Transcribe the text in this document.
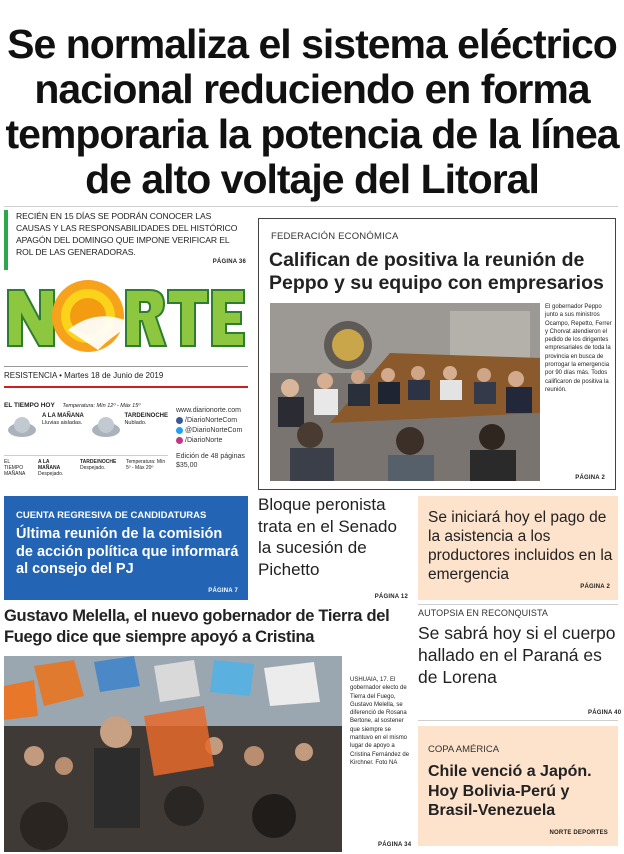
Se normaliza el sistema eléctrico nacional reduciendo en forma temporaria la potencia de la línea de alto voltaje del Litoral
RECIÉN EN 15 DÍAS SE PODRÁN CONOCER LAS CAUSAS Y LAS RESPONSABILIDADES DEL HISTÓRICO APAGÓN DEL DOMINGO QUE IMPONE VERIFICAR EL ROL DE LAS GENERADORAS.
PÁGINA 36
RESISTENCIA • Martes 18 de Junio de 2019
EL TIEMPO HOY Temperatura: Mín 12º - Máx 15º
A LA MAÑANA
Lluvias aisladas.
TARDE/NOCHE
Nublado.
EL TIEMPO MAÑANA
A LA MAÑANA
Despejado.
TARDE/NOCHE
Despejado.
Temperatura: Mín 5º - Máx 20º
www.diarionorte.com
/DiarioNorteCom
@DiarioNorteCom
/DiarioNorte
Edición de 48 páginas
$35,00
FEDERACIÓN ECONÓMICA
Califican de positiva la reunión de Peppo y su equipo con empresarios
El gobernador Peppo junto a sus ministros Ocampo, Repetto, Ferrer y Chorvat atendieron el pedido de los dirigentes empresariales de toda la provincia en busca de prorrogar la emergencia por 90 días más. Todos calificaron de positiva la reunión.
PÁGINA 2
CUENTA REGRESIVA DE CANDIDATURAS
Última reunión de la comisión de acción política que informará al consejo del PJ
PÁGINA 7
Bloque peronista trata en el Senado la sucesión de Pichetto
PÁGINA 12
Se iniciará hoy el pago de la asistencia a los productores incluidos en la emergencia
PÁGINA 2
Gustavo Melella, el nuevo gobernador de Tierra del Fuego dice que siempre apoyó a Cristina
USHUAIA, 17. El gobernador electo de Tierra del Fuego, Gustavo Melella, se diferenció de Rosana Bertone, al sostener que siempre se mantuvo en el mismo lugar de apoyo a Cristina Fernández de Kirchner. Foto NA
PÁGINA 34
AUTOPSIA EN RECONQUISTA
Se sabrá hoy si el cuerpo hallado en el Paraná es de Lorena
PÁGINA 40
COPA AMÉRICA
Chile venció a Japón. Hoy Bolivia-Perú y Brasil-Venezuela
NORTE DEPORTES
